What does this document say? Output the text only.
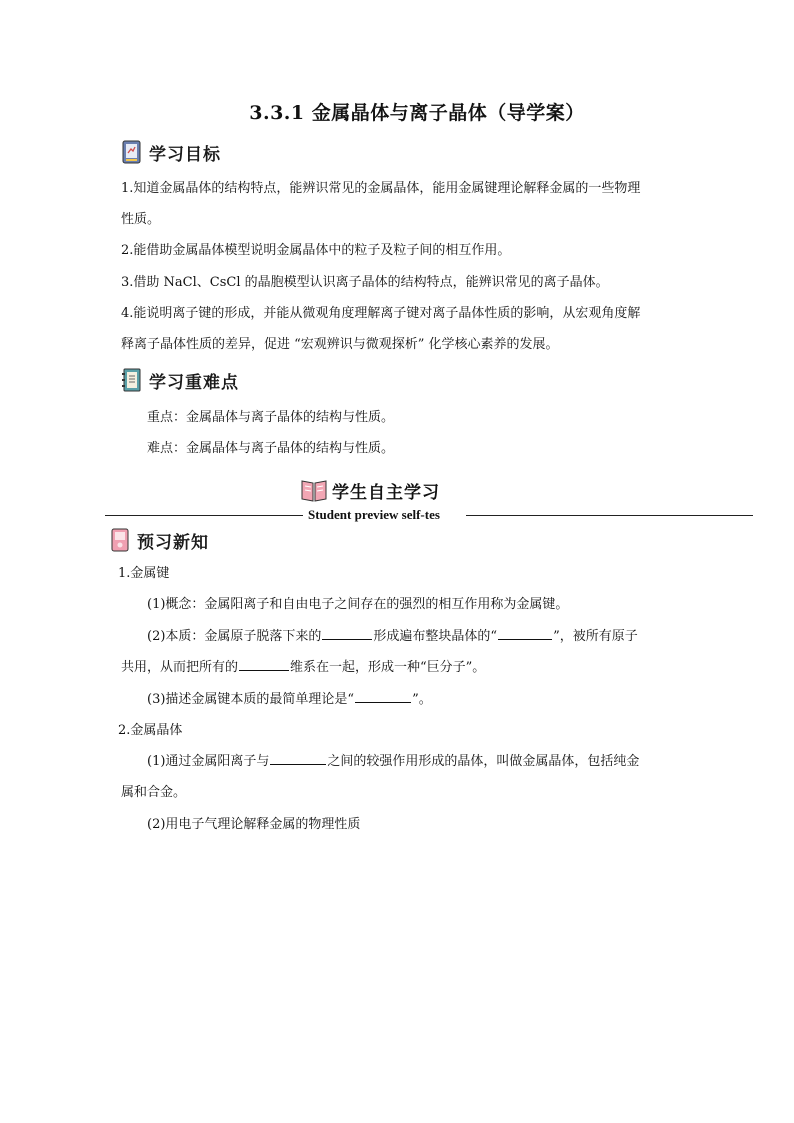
3.3.1 金属晶体与离子晶体（导学案）
学习目标
1.知道金属晶体的结构特点，能辨识常见的金属晶体，能用金属键理论解释金属的一些物理
性质。
2.能借助金属晶体模型说明金属晶体中的粒子及粒子间的相互作用。
3.借助 NaCl、CsCl 的晶胞模型认识离子晶体的结构特点，能辨识常见的离子晶体。
4.能说明离子键的形成，并能从微观角度理解离子键对离子晶体性质的影响，从宏观角度解
释离子晶体性质的差异，促进 “宏观辨识与微观探析” 化学核心素养的发展。
学习重难点
重点：金属晶体与离子晶体的结构与性质。
难点：金属晶体与离子晶体的结构与性质。
学生自主学习
Student preview self-tes
预习新知
1.金属键
(1)概念：金属阳离子和自由电子之间存在的强烈的相互作用称为金属键。
(2)本质：金属原子脱落下来的	形成遍布整块晶体的“	”，被所有原子
共用，从而把所有的	维系在一起，形成一种“巨分子”。
(3)描述金属键本质的最简单理论是“	”。
2.金属晶体
(1)通过金属阳离子与	之间的较强作用形成的晶体，叫做金属晶体，包括纯金
属和合金。
(2)用电子气理论解释金属的物理性质
